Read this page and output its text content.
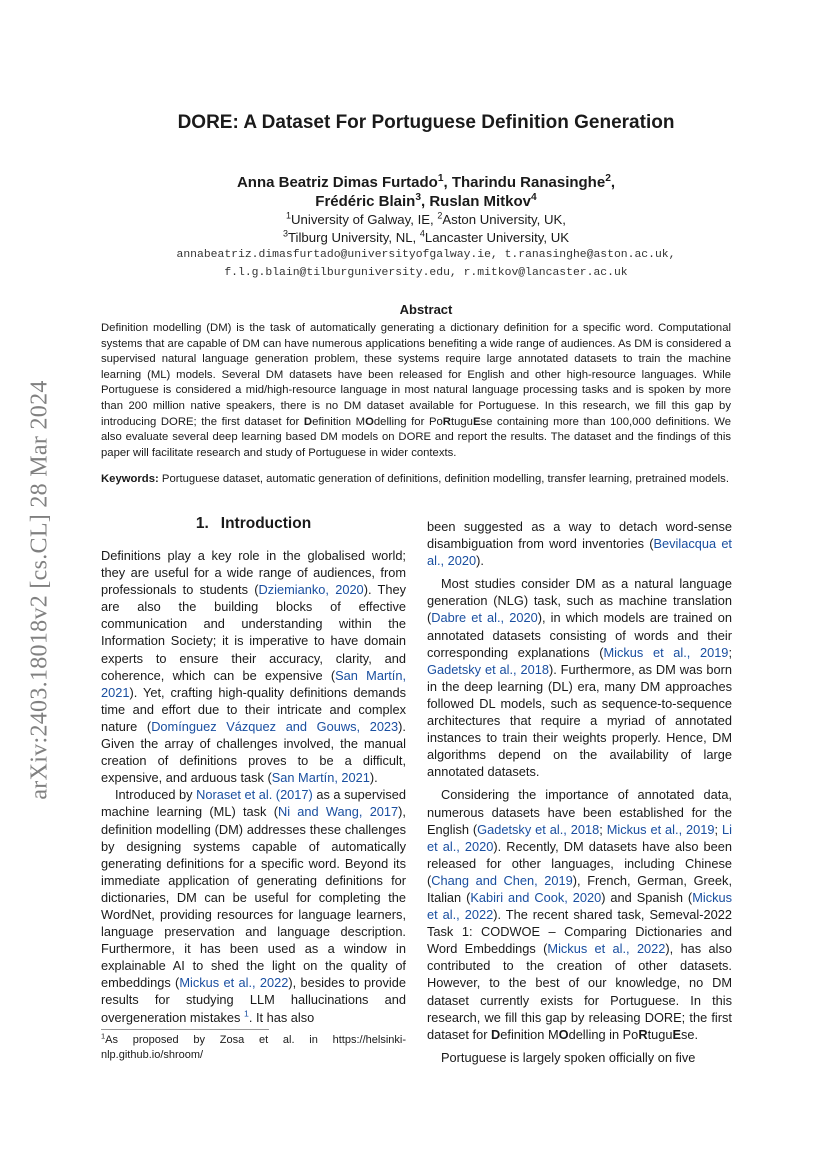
arXiv:2403.18018v2 [cs.CL] 28 Mar 2024
DORE: A Dataset For Portuguese Definition Generation
Anna Beatriz Dimas Furtado$^1$, Tharindu Ranasinghe$^2$,
Frédéric Blain$^3$, Ruslan Mitkov$^4$
$^1$University of Galway, IE, $^2$Aston University, UK,
$^3$Tilburg University, NL, $^4$Lancaster University, UK
annabeatriz.dimasfurtado@universityofgalway.ie, t.ranasinghe@aston.ac.uk,
f.l.g.blain@tilburguniversity.edu, r.mitkov@lancaster.ac.uk
Abstract
Definition modelling (DM) is the task of automatically generating a dictionary definition for a specific word. Computational systems that are capable of DM can have numerous applications benefiting a wide range of audiences. As DM is considered a supervised natural language generation problem, these systems require large annotated datasets to train the machine learning (ML) models. Several DM datasets have been released for English and other high-resource languages. While Portuguese is considered a mid/high-resource language in most natural language processing tasks and is spoken by more than 200 million native speakers, there is no DM dataset available for Portuguese. In this research, we fill this gap by introducing DORE; the first dataset for Definition MOdelling for PoRtuguEse containing more than 100,000 definitions. We also evaluate several deep learning based DM models on DORE and report the results. The dataset and the findings of this paper will facilitate research and study of Portuguese in wider contexts.
Keywords: Portuguese dataset, automatic generation of definitions, definition modelling, transfer learning, pretrained models.
1. Introduction

Definitions play a key role in the globalised world; they are useful for a wide range of audiences, from professionals to students (Dziemianko, 2020). They are also the building blocks of effective communication and understanding within the Information Society; it is imperative to have domain experts to ensure their accuracy, clarity, and coherence, which can be expensive (San Martín, 2021). Yet, crafting high-quality definitions demands time and effort due to their intricate and complex nature (Domínguez Vázquez and Gouws, 2023). Given the array of challenges involved, the manual creation of definitions proves to be a difficult, expensive, and arduous task (San Martín, 2021).

Introduced by Noraset et al. (2017) as a supervised machine learning (ML) task (Ni and Wang, 2017), definition modelling (DM) addresses these challenges by designing systems capable of automatically generating definitions for a specific word. Beyond its immediate application of generating definitions for dictionaries, DM can be useful for completing the WordNet, providing resources for language learners, language preservation and language description. Furthermore, it has been used as a window in explainable AI to shed the light on the quality of embeddings (Mickus et al., 2022), besides to provide results for studying LLM hallucinations and overgeneration mistakes $^1$. It has also

been suggested as a way to detach word-sense disambiguation from word inventories (Bevilacqua et al., 2020).

Most studies consider DM as a natural language generation (NLG) task, such as machine translation (Dabre et al., 2020), in which models are trained on annotated datasets consisting of words and their corresponding explanations (Mickus et al., 2019; Gadetsky et al., 2018). Furthermore, as DM was born in the deep learning (DL) era, many DM approaches followed DL models, such as sequence-to-sequence architectures that require a myriad of annotated instances to train their weights properly. Hence, DM algorithms depend on the availability of large annotated datasets.

Considering the importance of annotated data, numerous datasets have been established for the English (Gadetsky et al., 2018; Mickus et al., 2019; Li et al., 2020). Recently, DM datasets have also been released for other languages, including Chinese (Chang and Chen, 2019), French, German, Greek, Italian (Kabiri and Cook, 2020) and Spanish (Mickus et al., 2022). The recent shared task, Semeval-2022 Task 1: CODWOE – Comparing Dictionaries and Word Embeddings (Mickus et al., 2022), has also contributed to the creation of other datasets. However, to the best of our knowledge, no DM dataset currently exists for Portuguese. In this research, we fill this gap by releasing DORE; the first dataset for Definition MOdelling in PoRtuguEse.

Portuguese is largely spoken officially on five

$^1$As proposed by Zosa et al. in https://helsinki-nlp.github.io/shroom/
